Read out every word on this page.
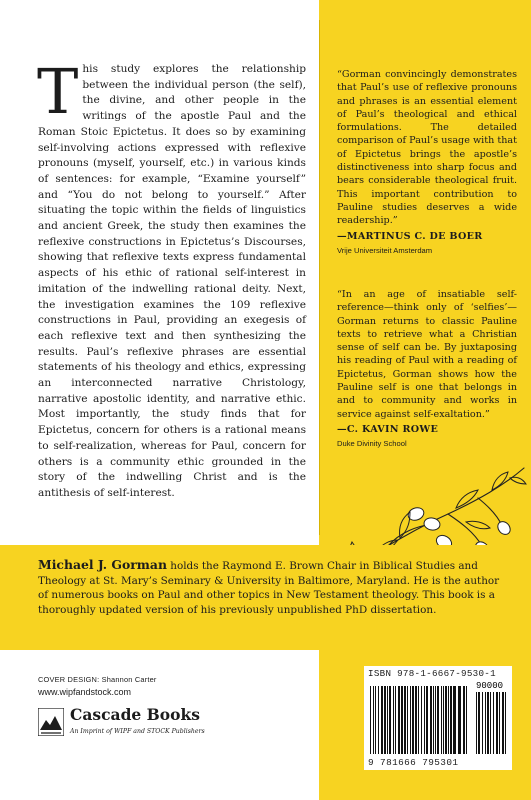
T his study explores the relationship between the individual person (the self), the divine, and other people in the writings of the apostle Paul and the Roman Stoic Epictetus. It does so by examining self-involving actions expressed with reflexive pronouns (myself, yourself, etc.) in various kinds of sentences: for example, “Examine yourself” and “You do not belong to yourself.” After situating the topic within the fields of linguistics and ancient Greek, the study then examines the reflexive constructions in Epictetus’s Discourses, showing that reflexive texts express fundamental aspects of his ethic of rational self-interest in imitation of the indwelling rational deity. Next, the investigation examines the 109 reflexive constructions in Paul, providing an exegesis of each reflexive text and then synthesizing the results. Paul’s reflexive phrases are essential statements of his theology and ethics, expressing an interconnected narrative Christology, narrative apostolic identity, and narrative ethic. Most importantly, the study finds that for Epictetus, concern for others is a rational means to self-realization, whereas for Paul, concern for others is a community ethic grounded in the story of the indwelling Christ and is the antithesis of self-interest.
“Gorman convincingly demonstrates that Paul’s use of reflexive pronouns and phrases is an essential element of Paul’s theological and ethical formulations. The detailed comparison of Paul’s usage with that of Epictetus brings the apostle’s distinctiveness into sharp focus and bears considerable theological fruit. This important contribution to Pauline studies deserves a wide readership.”
—MARTINUS C. DE BOER
Vrije Universiteit Amsterdam
“In an age of insatiable self-reference—think only of ‘selfies’—Gorman returns to classic Pauline texts to retrieve what a Christian sense of self can be. By juxtaposing his reading of Paul with a reading of Epictetus, Gorman shows how the Pauline self is one that belongs in and to community and works in service against self-exaltation.”
—C. KAVIN ROWE
Duke Divinity School
Michael J. Gorman holds the Raymond E. Brown Chair in Biblical Studies and Theology at St. Mary’s Seminary & University in Baltimore, Maryland. He is the author of numerous books on Paul and other topics in New Testament theology. This book is a thoroughly updated version of his previously unpublished PhD dissertation.
COVER DESIGN: Shannon Carter
www.wipfandstock.com
Cascade Books
An Imprint of WIPF and STOCK Publishers
ISBN 978-1-6667-9530-1
90000
9 781666 795301
